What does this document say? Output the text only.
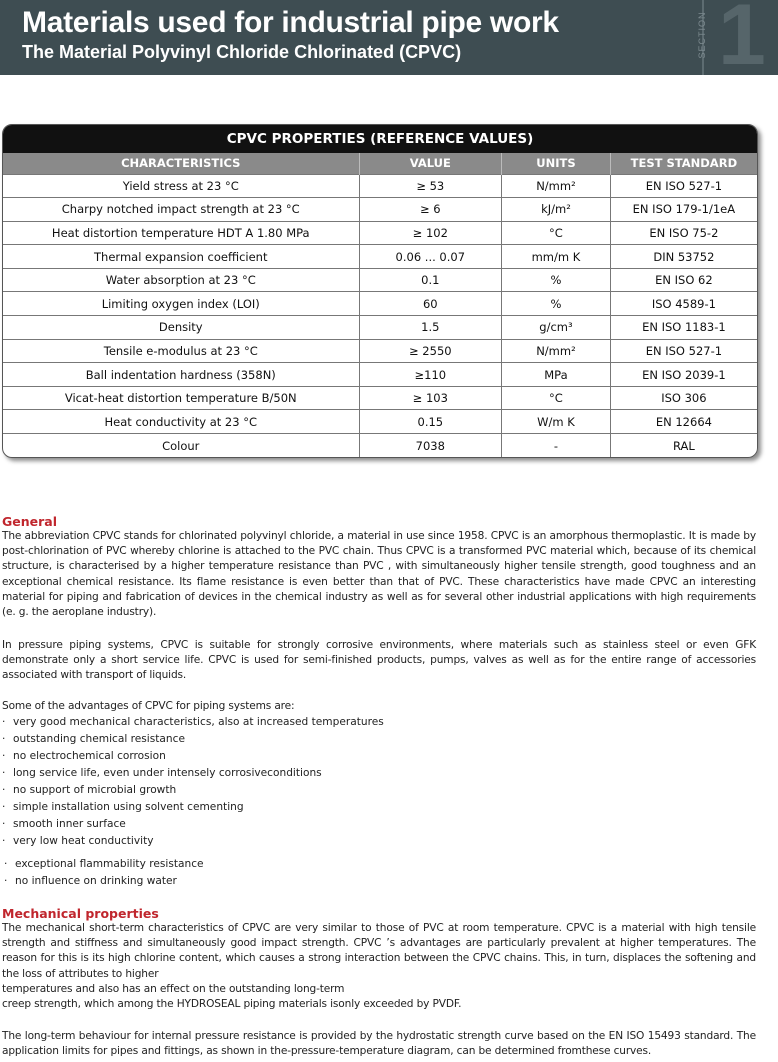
Materials used for industrial pipe work
The Material Polyvinyl Chloride Chlorinated (CPVC)	SECTION 1
CPVC PROPERTIES (REFERENCE VALUES)			
CHARACTERISTICS	VALUE	UNITS	TEST STANDARD
Yield stress at 23 °C	≥ 53	N/mm²	EN ISO 527-1
Charpy notched impact strength at 23 °C	≥ 6	kJ/m²	EN ISO 179-1/1eA
Heat distortion temperature HDT A 1.80 MPa	≥ 102	°C	EN ISO 75-2
Thermal expansion coefficient	0.06 ... 0.07	mm/m K	DIN 53752
Water absorption at 23 °C	0.1	%	EN ISO 62
Limiting oxygen index (LOI)	60	%	ISO 4589-1
Density	1.5	g/cm³	EN ISO 1183-1
Tensile e-modulus at 23 °C	≥ 2550	N/mm²	EN ISO 527-1
Ball indentation hardness (358N)	≥110	MPa	EN ISO 2039-1
Vicat-heat distortion temperature B/50N	≥ 103	°C	ISO 306
Heat conductivity at 23 °C	0.15	W/m K	EN 12664
Colour	7038	-	RAL
General
The abbreviation CPVC stands for chlorinated polyvinyl chloride, a material in use since 1958. CPVC is an amorphous thermoplastic. It is made by post-chlorination of PVC whereby chlorine is attached to the PVC chain. Thus CPVC is a transformed PVC material which, because of its chemical structure, is characterised by a higher temperature resistance than PVC , with simultaneously higher tensile strength, good toughness and an exceptional chemical resistance. Its flame resistance is even better than that of PVC. These characteristics have made CPVC an interesting material for piping and fabrication of devices in the chemical industry as well as for several other industrial applications with high requirements (e. g. the aeroplane industry).
In pressure piping systems, CPVC is suitable for strongly corrosive environments, where materials such as stainless steel or even GFK demonstrate only a short service life. CPVC is used for semi-finished products, pumps, valves as well as for the entire range of accessories associated with transport of liquids.
Some of the advantages of CPVC for piping systems are:
· very good mechanical characteristics, also at increased temperatures
· outstanding chemical resistance
· no electrochemical corrosion
· long service life, even under intensely corrosiveconditions
· no support of microbial growth
· simple installation using solvent cementing
· smooth inner surface
· very low heat conductivity
· exceptional flammability resistance
· no influence on drinking water
Mechanical properties
The mechanical short-term characteristics of CPVC are very similar to those of PVC at room temperature. CPVC is a material with high tensile strength and stiffness and simultaneously good impact strength. CPVC ’s advantages are particularly prevalent at higher temperatures. The reason for this is its high chlorine content, which causes a strong interaction between the CPVC chains. This, in turn, displaces the softening and the loss of attributes to higher
temperatures and also has an effect on the outstanding long-term
creep strength, which among the HYDROSEAL piping materials isonly exceeded by PVDF.
The long-term behaviour for internal pressure resistance is provided by the hydrostatic strength curve based on the EN ISO 15493 standard. The application limits for pipes and fittings, as shown in the-pressure-temperature diagram, can be determined fromthese curves.
